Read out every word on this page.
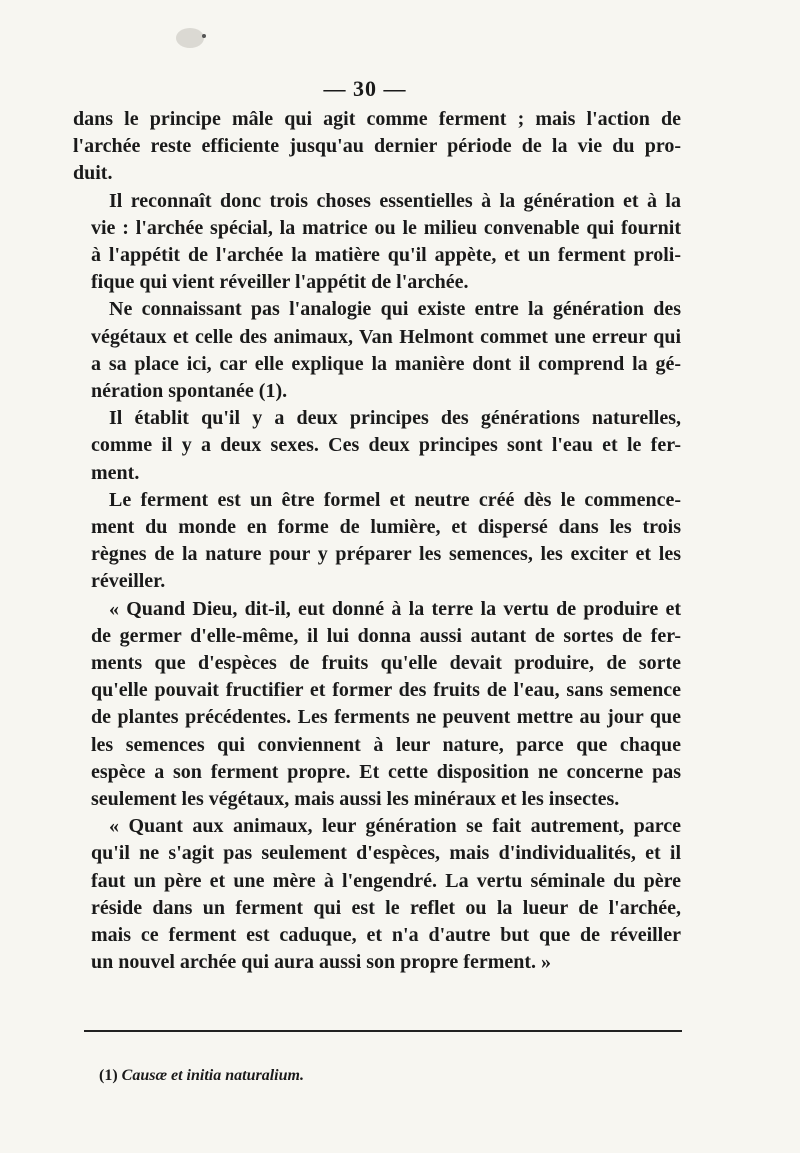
— 30 —

dans le principe mâle qui agit comme ferment ; mais l'action de
l'archée reste efficiente jusqu'au dernier période de la vie du pro-
duit.

Il reconnaît donc trois choses essentielles à la génération et à la
vie : l'archée spécial, la matrice ou le milieu convenable qui fournit
à l'appétit de l'archée la matière qu'il appète, et un ferment proli-
fique qui vient réveiller l'appétit de l'archée.

Ne connaissant pas l'analogie qui existe entre la génération des
végétaux et celle des animaux, Van Helmont commet une erreur qui
a sa place ici, car elle explique la manière dont il comprend la gé-
nération spontanée (1).

Il établit qu'il y a deux principes des générations naturelles,
comme il y a deux sexes. Ces deux principes sont l'eau et le fer-
ment.

Le ferment est un être formel et neutre créé dès le commence-
ment du monde en forme de lumière, et dispersé dans les trois
règnes de la nature pour y préparer les semences, les exciter et les
réveiller.

« Quand Dieu, dit-il, eut donné à la terre la vertu de produire et
de germer d'elle-même, il lui donna aussi autant de sortes de fer-
ments que d'espèces de fruits qu'elle devait produire, de sorte
qu'elle pouvait fructifier et former des fruits de l'eau, sans semence
de plantes précédentes. Les ferments ne peuvent mettre au jour que
les semences qui conviennent à leur nature, parce que chaque
espèce a son ferment propre. Et cette disposition ne concerne pas
seulement les végétaux, mais aussi les minéraux et les insectes.

« Quant aux animaux, leur génération se fait autrement, parce
qu'il ne s'agit pas seulement d'espèces, mais d'individualités, et il
faut un père et une mère à l'engendré. La vertu séminale du père
réside dans un ferment qui est le reflet ou la lueur de l'archée,
mais ce ferment est caduque, et n'a d'autre but que de réveiller
un nouvel archée qui aura aussi son propre ferment. »

(1) Causæ et initia naturalium.
